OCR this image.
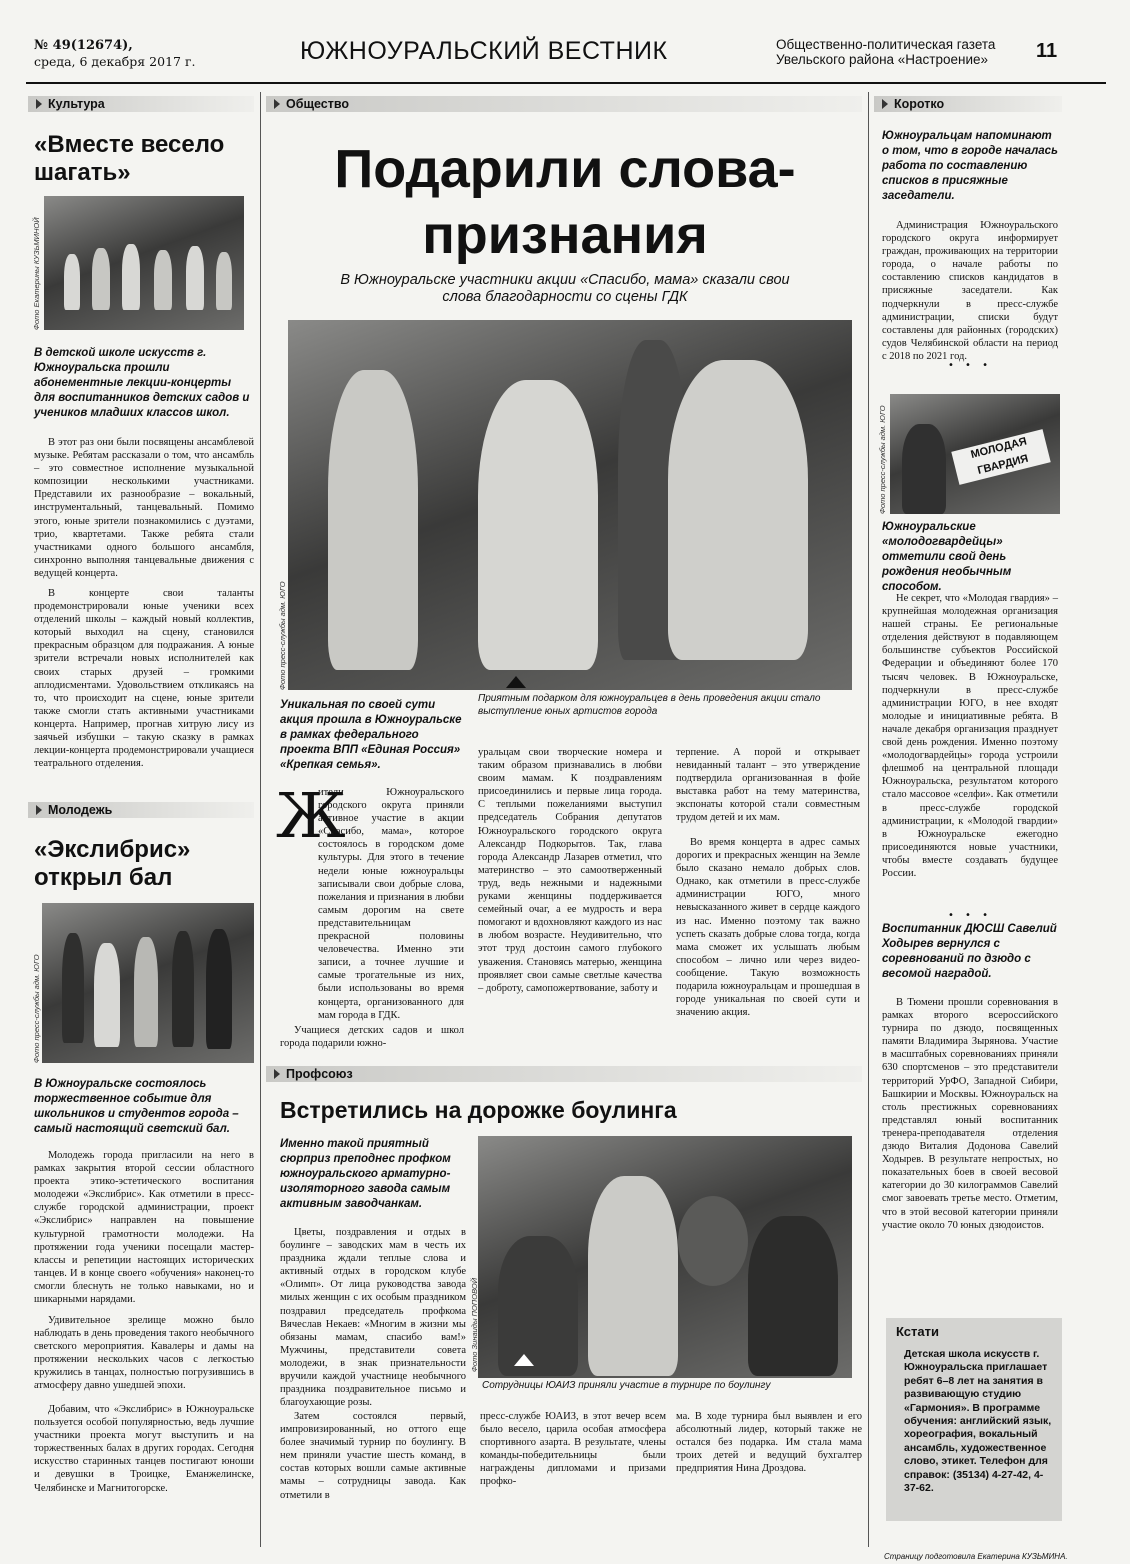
№ 49(12674),
среда, 6 декабря 2017 г.	ЮЖНОУРАЛЬСКИЙ ВЕСТНИК	Общественно-политическая газета
Увельского района «Настроение»	11
Культура	Общество	Коротко
Молодежь
Профсоюз
«Вместе весело шагать»
Фото Екатерины КУЗЬМИНОЙ
В детской школе искусств г. Южноуральска прошли абонементные лекции-концерты для воспитанников детских садов и учеников младших классов школ.
В этот раз они были посвящены ансамблевой музыке. Ребятам рассказали о том, что ансамбль – это совместное исполнение музыкальной композиции несколькими участниками. Представили их разнообразие – вокальный, инструментальный, танцевальный. Помимо этого, юные зрители познакомились с дуэтами, трио, квартетами. Также ребята стали участниками одного большого ансамбля, синхронно выполняя танцевальные движения с ведущей концерта.
В концерте свои таланты продемонстрировали юные ученики всех отделений школы – каждый новый коллектив, который выходил на сцену, становился прекрасным образцом для подражания. А юные зрители встречали новых исполнителей как своих старых друзей – громкими аплодисментами. Удовольствием откликаясь на то, что происходит на сцене, юные зрители также смогли стать активными участниками концерта. Например, прогнав хитрую лису из заячьей избушки – такую сказку в рамках лекции-концерта продемонстрировали учащиеся театрального отделения.
«Экслибрис» открыл бал
Фото пресс-службы адм. ЮГО
В Южноуральске состоялось торжественное событие для школьников и студентов города – самый настоящий светский бал.
Молодежь города пригласили на него в рамках закрытия второй сессии областного проекта этико-эстетического воспитания молодежи «Экслибрис». Как отметили в пресс-службе городской администрации, проект «Экслибрис» направлен на повышение культурной грамотности молодежи. На протяжении года ученики посещали мастер-классы и репетиции настоящих исторических танцев. И в конце своего «обучения» наконец-то смогли блеснуть не только навыками, но и шикарными нарядами.
Удивительное зрелище можно было наблюдать в день проведения такого необычного светского мероприятия. Кавалеры и дамы на протяжении нескольких часов с легкостью кружились в танцах, полностью погрузившись в атмосферу давно ушедшей эпохи.
Добавим, что «Экслибрис» в Южноуральске пользуется особой популярностью, ведь лучшие участники проекта могут выступить и на торжественных балах в других городах. Сегодня искусство старинных танцев постигают юноши и девушки в Троицке, Еманжелинске, Челябинске и Магнитогорске.
Подарили слова-признания
В Южноуральске участники акции «Спасибо, мама» сказали свои слова благодарности со сцены ГДК
Фото пресс-службы адм. ЮГО
Приятным подарком для южноуральцев в день проведения акции стало выступление юных артистов города
Уникальная по своей сути акция прошла в Южноуральске в рамках федерального проекта ВПП «Единая Россия» «Крепкая семья».
Ж
ители Южноуральского городского округа приняли активное участие в акции «Спасибо, мама», которое состоялось в городском доме культуры. Для этого в течение недели юные южноуральцы записывали свои добрые слова, пожелания и признания в любви самым дорогим на свете представительницам прекрасной половины человечества. Именно эти записи, а точнее лучшие и самые трогательные из них, были использованы во время концерта, организованного для мам города в ГДК.
Учащиеся детских садов и школ города подарили южно-
уральцам свои творческие номера и таким образом признавались в любви своим мамам. К поздравлениям присоединились и первые лица города. С теплыми пожеланиями выступил председатель Собрания депутатов Южноуральского городского округа Александр Подкорытов. Так, глава города Александр Лазарев отметил, что материнство – это самоотверженный труд, ведь нежными и надежными руками женщины поддерживается семейный очаг, а ее мудрость и вера помогают и вдохновляют каждого из нас в любом возрасте. Неудивительно, что этот труд достоин самого глубокого уважения. Становясь матерью, женщина проявляет свои самые светлые качества – доброту, самопожертвование, заботу и
терпение. А порой и открывает невиданный талант – это утверждение подтвердила организованная в фойе выставка работ на тему материнства, экспонаты которой стали совместным трудом детей и их мам.
Во время концерта в адрес самых дорогих и прекрасных женщин на Земле было сказано немало добрых слов. Однако, как отметили в пресс-службе администрации ЮГО, много невысказанного живет в сердце каждого из нас. Именно поэтому так важно успеть сказать добрые слова тогда, когда мама сможет их услышать любым способом – лично или через видео-сообщение. Такую возможность подарила южноуральцам и прошедшая в городе уникальная по своей сути и значению акция.
Встретились на дорожке боулинга
Именно такой приятный сюрприз преподнес профком южноуральского арматурно-изоляторного завода самым активным заводчанкам.
Фото Зинаиды ПОПОВОЙ
Сотрудницы ЮАИЗ приняли участие в турнире по боулингу
Цветы, поздравления и отдых в боулинге – заводских мам в честь их праздника ждали теплые слова и активный отдых в городском клубе «Олимп». От лица руководства завода милых женщин с их особым праздником поздравил председатель профкома Вячеслав Некаев: «Многим в жизни мы обязаны мамам, спасибо вам!» Мужчины, представители совета молодежи, в знак признательности вручили каждой участнице необычного праздника поздравительное письмо и благоухающие розы.
Затем состоялся первый, импровизированный, но оттого еще более значимый турнир по боулингу. В нем приняли участие шесть команд, в состав которых вошли самые активные мамы – сотрудницы завода. Как отметили в
пресс-службе ЮАИЗ, в этот вечер всем было весело, царила особая атмосфера спортивного азарта. В результате, члены команды-победительницы были награждены дипломами и призами профко-
ма. В ходе турнира был выявлен и его абсолютный лидер, который также не остался без подарка. Им стала мама троих детей и ведущий бухгалтер предприятия Нина Дроздова.
Южноуральцам напоминают о том, что в городе началась работа по составлению списков в присяжные заседатели.
Администрация Южноуральского городского округа информирует граждан, проживающих на территории города, о начале работы по составлению списков кандидатов в присяжные заседатели. Как подчеркнули в пресс-службе администрации, списки будут составлены для районных (городских) судов Челябинской области на период с 2018 по 2021 год.
• • •
МОЛОДАЯ ГВАРДИЯ
Фото пресс-службы адм. ЮГО
Южноуральские «молодогвардейцы» отметили свой день рождения необычным способом.
Не секрет, что «Молодая гвардия» – крупнейшая молодежная организация нашей страны. Ее региональные отделения действуют в подавляющем большинстве субъектов Российской Федерации и объединяют более 170 тысяч человек. В Южноуральске, подчеркнули в пресс-службе администрации ЮГО, в нее входят молодые и инициативные ребята. В начале декабря организация празднует свой день рождения. Именно поэтому «молодогвардейцы» города устроили флешмоб на центральной площади Южноуральска, результатом которого стало массовое «селфи». Как отметили в пресс-службе городской администрации, к «Молодой гвардии» в Южноуральске ежегодно присоединяются новые участники, чтобы вместе создавать будущее России.
• • •
Воспитанник ДЮСШ Савелий Ходырев вернулся с соревнований по дзюдо с весомой наградой.
В Тюмени прошли соревнования в рамках второго всероссийского турнира по дзюдо, посвященных памяти Владимира Зырянова. Участие в масштабных соревнованиях приняли 630 спортсменов – это представители территорий УрФО, Западной Сибири, Башкирии и Москвы. Южноуральск на столь престижных соревнованиях представлял юный воспитанник тренера-преподавателя отделения дзюдо Виталия Додонова Савелий Ходырев. В результате непростых, но показательных боев в своей весовой категории до 30 килограммов Савелий смог завоевать третье место. Отметим, что в этой весовой категории приняли участие около 70 юных дзюдоистов.
Кстати
Детская школа искусств г. Южноуральска приглашает ребят 6–8 лет на занятия в развивающую студию «Гармония». В программе обучения: английский язык, хореография, вокальный ансамбль, художественное слово, этикет. Телефон для справок: (35134) 4-27-42, 4-37-62.
Страницу подготовила Екатерина КУЗЬМИНА.
